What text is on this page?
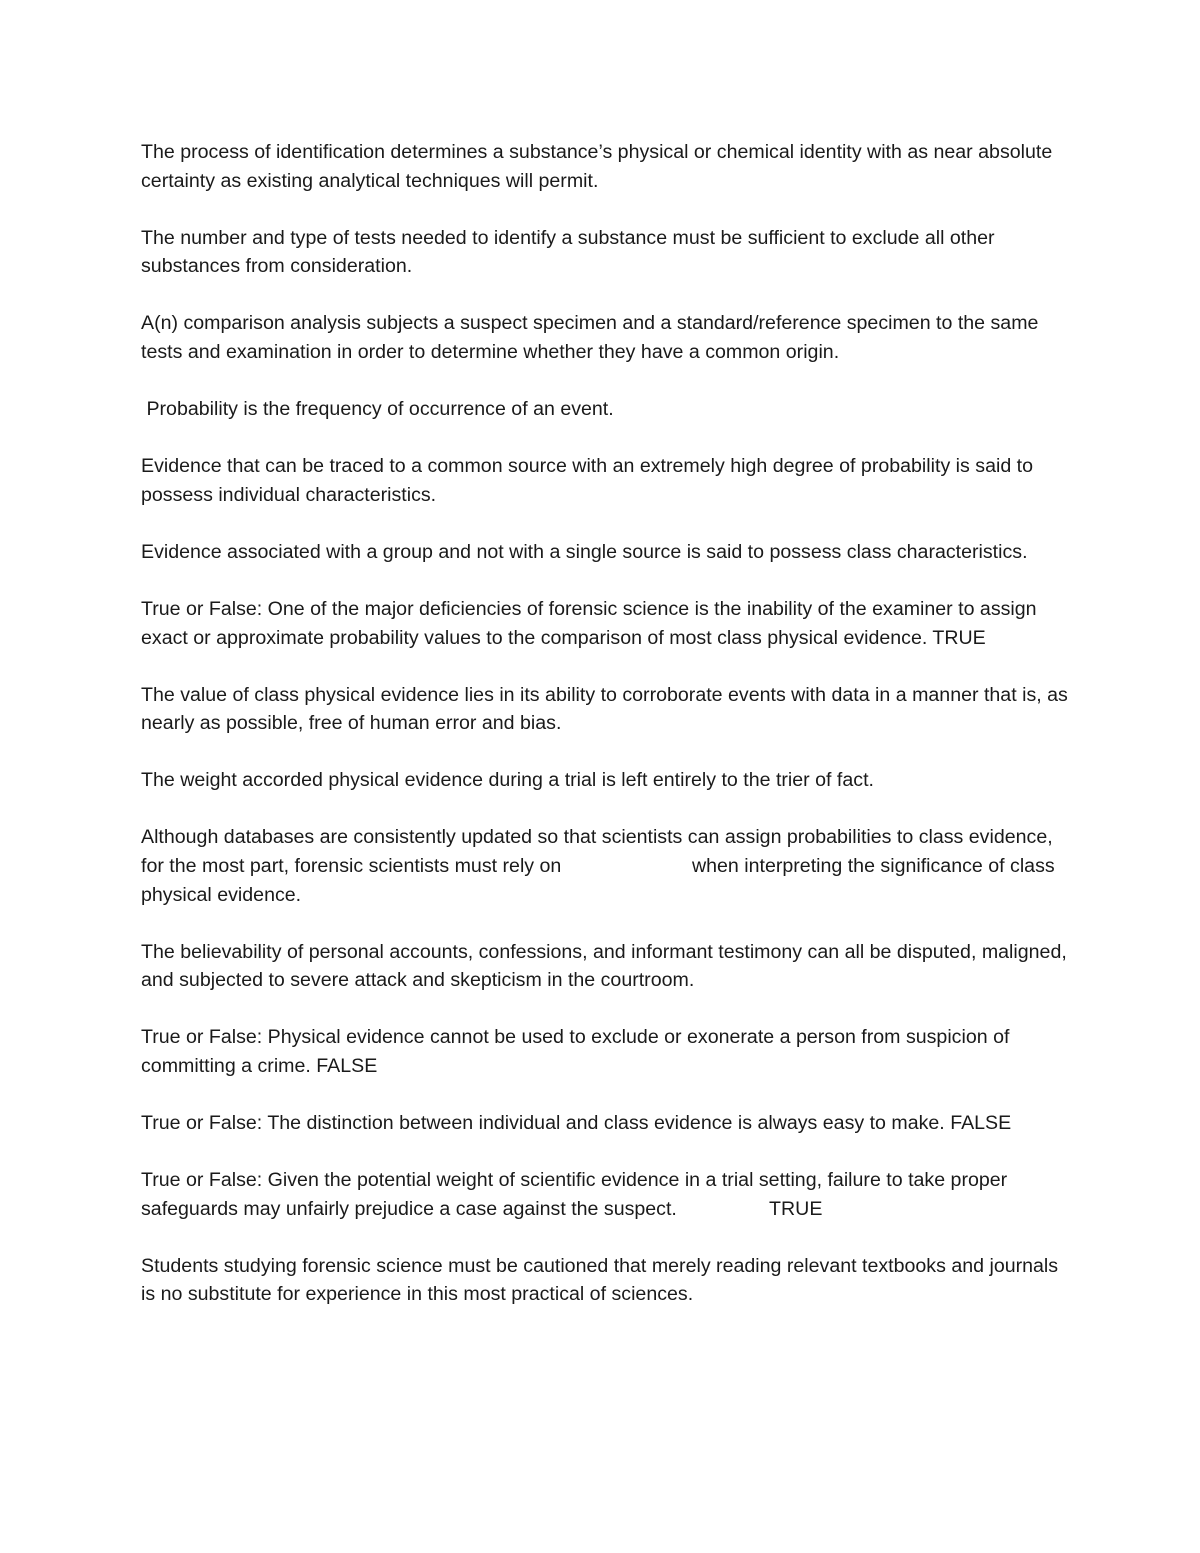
The process of identification determines a substance’s physical or chemical identity with as near absolute certainty as existing analytical techniques will permit.

The number and type of tests needed to identify a substance must be sufficient to exclude all other substances from consideration.

A(n) comparison analysis subjects a suspect specimen and a standard/reference specimen to the same tests and examination in order to determine whether they have a common origin.

Probability is the frequency of occurrence of an event.

Evidence that can be traced to a common source with an extremely high degree of probability is said to possess individual characteristics.

Evidence associated with a group and not with a single source is said to possess class characteristics.

True or False: One of the major deficiencies of forensic science is the inability of the examiner to assign exact or approximate probability values to the comparison of most class physical evidence. TRUE

The value of class physical evidence lies in its ability to corroborate events with data in a manner that is, as nearly as possible, free of human error and bias.

The weight accorded physical evidence during a trial is left entirely to the trier of fact.

Although databases are consistently updated so that scientists can assign probabilities to class evidence, for the most part, forensic scientists must rely on                        when interpreting the significance of class physical evidence.

The believability of personal accounts, confessions, and informant testimony can all be disputed, maligned, and subjected to severe attack and skepticism in the courtroom.

True or False: Physical evidence cannot be used to exclude or exonerate a person from suspicion of committing a crime. FALSE

True or False: The distinction between individual and class evidence is always easy to make. FALSE

True or False: Given the potential weight of scientific evidence in a trial setting, failure to take proper safeguards may unfairly prejudice a case against the suspect.                 TRUE

Students studying forensic science must be cautioned that merely reading relevant textbooks and journals is no substitute for experience in this most practical of sciences.
